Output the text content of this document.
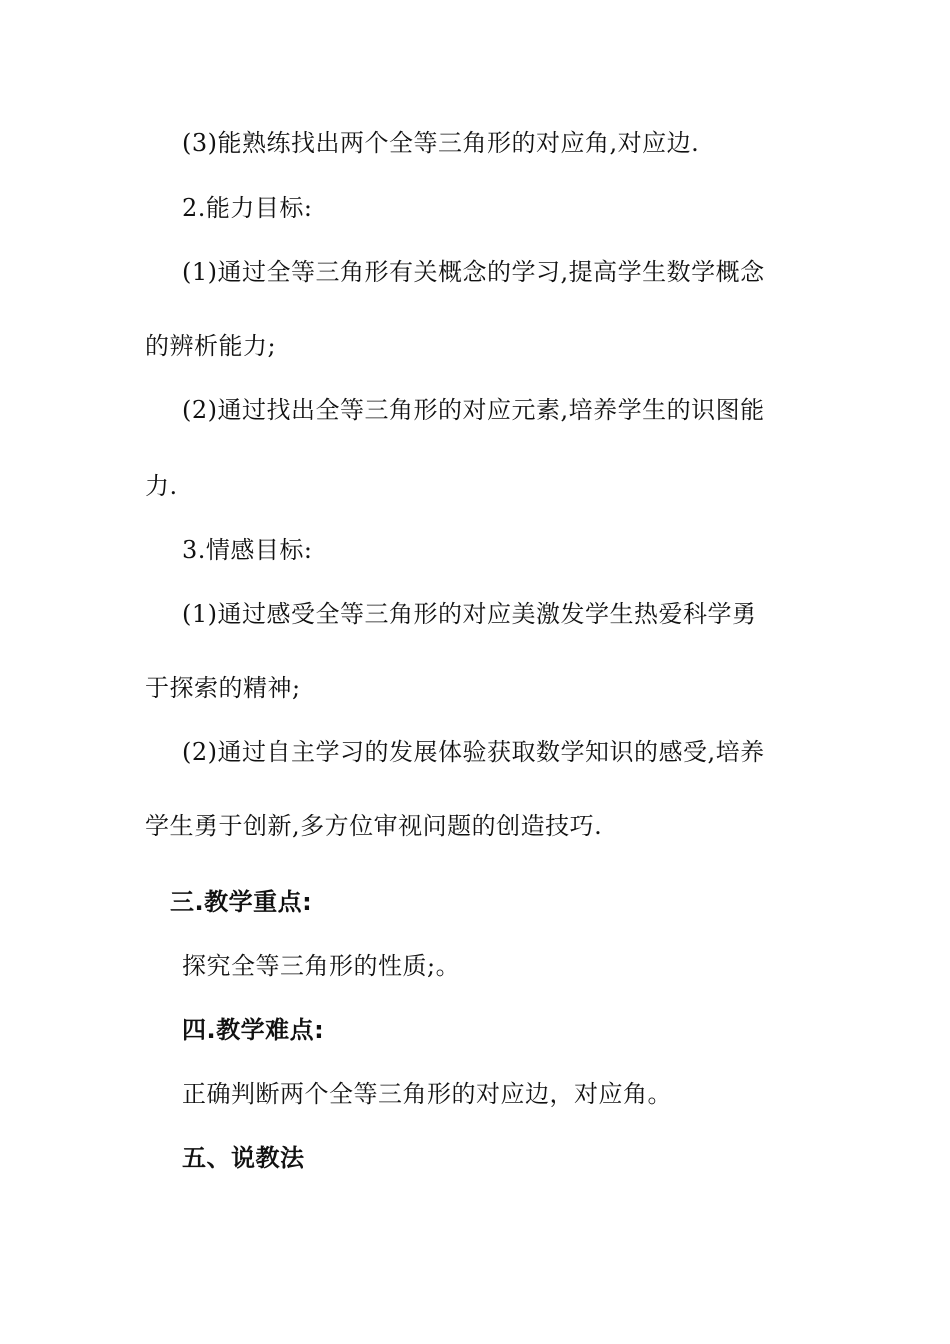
(3)能熟练找出两个全等三角形的对应角,对应边.
2.能力目标:
(1)通过全等三角形有关概念的学习,提高学生数学概念
的辨析能力;
(2)通过找出全等三角形的对应元素,培养学生的识图能
力.
3.情感目标:
(1)通过感受全等三角形的对应美激发学生热爱科学勇
于探索的精神;
(2)通过自主学习的发展体验获取数学知识的感受,培养
学生勇于创新,多方位审视问题的创造技巧.
三.教学重点:
探究全等三角形的性质;。
四.教学难点:
正确判断两个全等三角形的对应边，对应角。
五、说教法
